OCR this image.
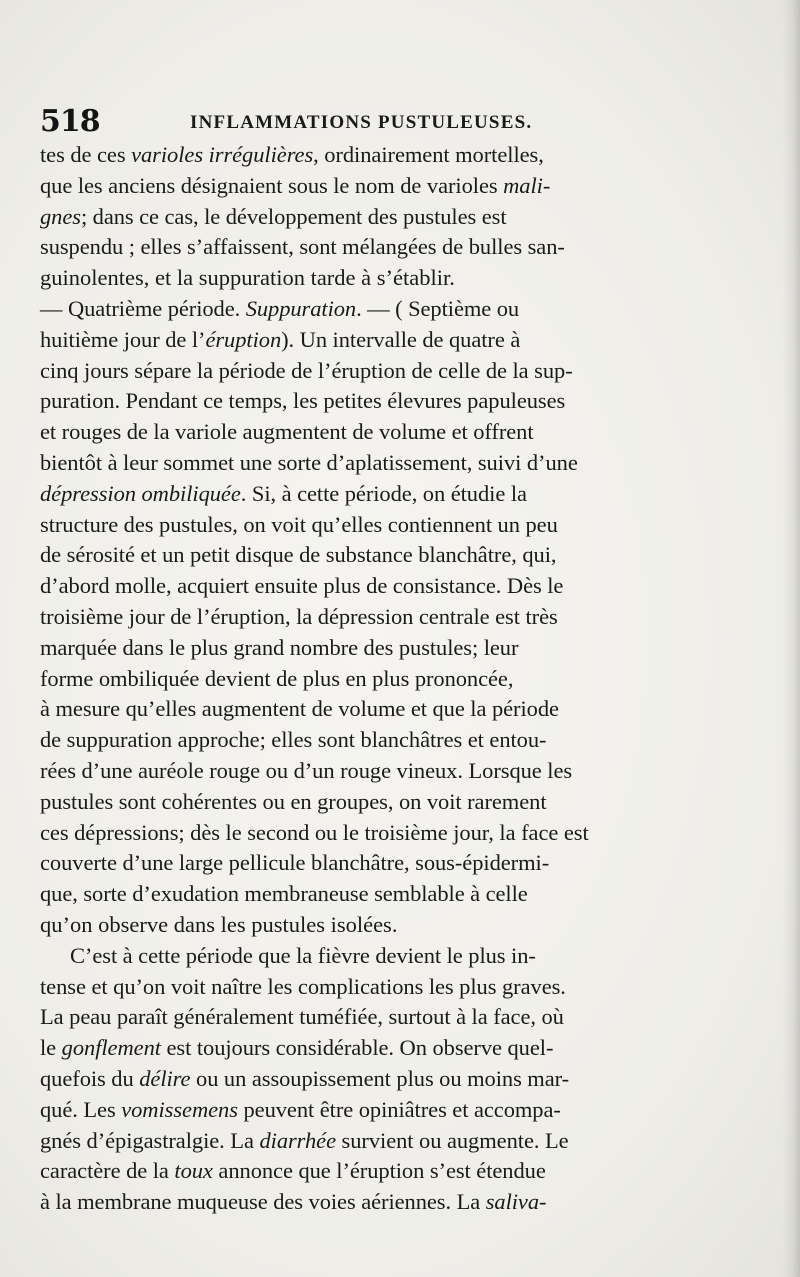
518	INFLAMMATIONS PUSTULEUSES.
tes de ces varioles irrégulières, ordinairement mortelles,
que les anciens désignaient sous le nom de varioles mali-
gnes; dans ce cas, le développement des pustules est
suspendu ; elles s’affaissent, sont mélangées de bulles san-
guinolentes, et la suppuration tarde à s’établir.
— Quatrième période. Suppuration. — ( Septième ou
huitième jour de l’éruption). Un intervalle de quatre à
cinq jours sépare la période de l’éruption de celle de la sup-
puration. Pendant ce temps, les petites élevures papuleuses
et rouges de la variole augmentent de volume et offrent
bientôt à leur sommet une sorte d’aplatissement, suivi d’une
dépression ombiliquée. Si, à cette période, on étudie la
structure des pustules, on voit qu’elles contiennent un peu
de sérosité et un petit disque de substance blanchâtre, qui,
d’abord molle, acquiert ensuite plus de consistance. Dès le
troisième jour de l’éruption, la dépression centrale est très
marquée dans le plus grand nombre des pustules; leur
forme ombiliquée devient de plus en plus prononcée,
à mesure qu’elles augmentent de volume et que la période
de suppuration approche; elles sont blanchâtres et entou-
rées d’une auréole rouge ou d’un rouge vineux. Lorsque les
pustules sont cohérentes ou en groupes, on voit rarement
ces dépressions; dès le second ou le troisième jour, la face est
couverte d’une large pellicule blanchâtre, sous-épidermi-
que, sorte d’exudation membraneuse semblable à celle
qu’on observe dans les pustules isolées.
C’est à cette période que la fièvre devient le plus in-
tense et qu’on voit naître les complications les plus graves.
La peau paraît généralement tuméfiée, surtout à la face, où
le gonflement est toujours considérable. On observe quel-
quefois du délire ou un assoupissement plus ou moins mar-
qué. Les vomissemens peuvent être opiniâtres et accompa-
gnés d’épigastralgie. La diarrhée survient ou augmente. Le
caractère de la toux annonce que l’éruption s’est étendue
à la membrane muqueuse des voies aériennes. La saliva-
